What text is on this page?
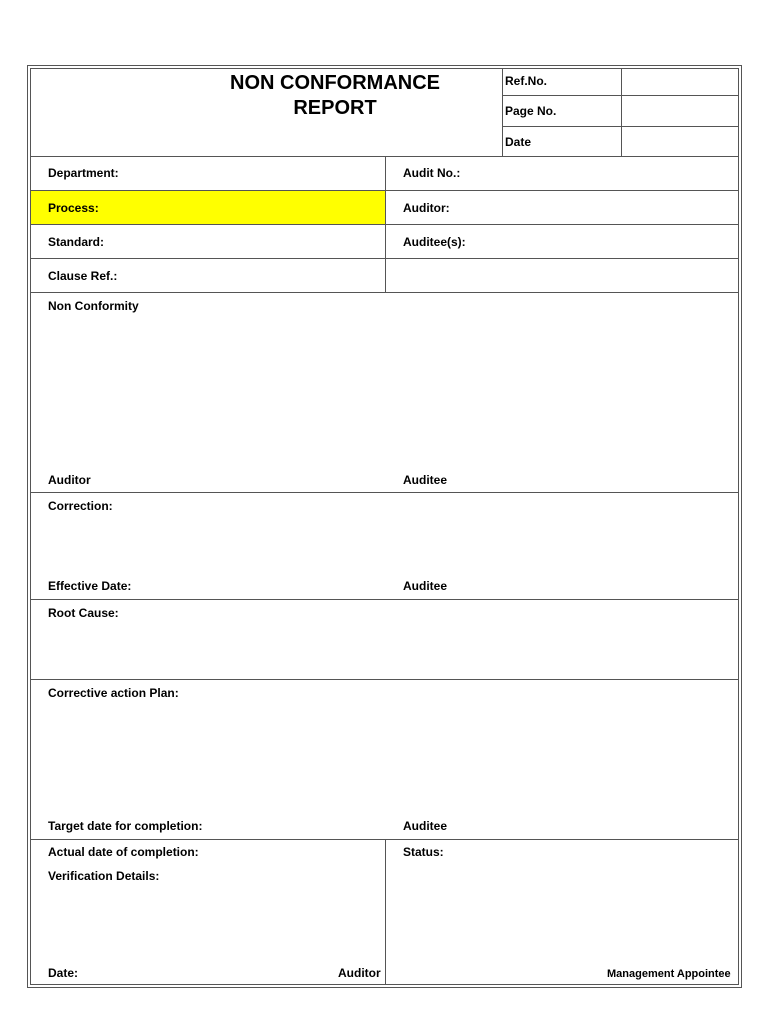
NON CONFORMANCE
REPORT
Ref.No.
Page No.
Date
Department:	Audit No.:
Process:	Auditor:
Standard:	Auditee(s):
Clause Ref.:
Non Conformity
Auditor	Auditee
Correction:
Effective Date:	Auditee
Root Cause:
Corrective action Plan:
Target date for completion:	Auditee
Actual date of completion:
Verification Details:
Date:	Auditor
Status:
Management Appointee
